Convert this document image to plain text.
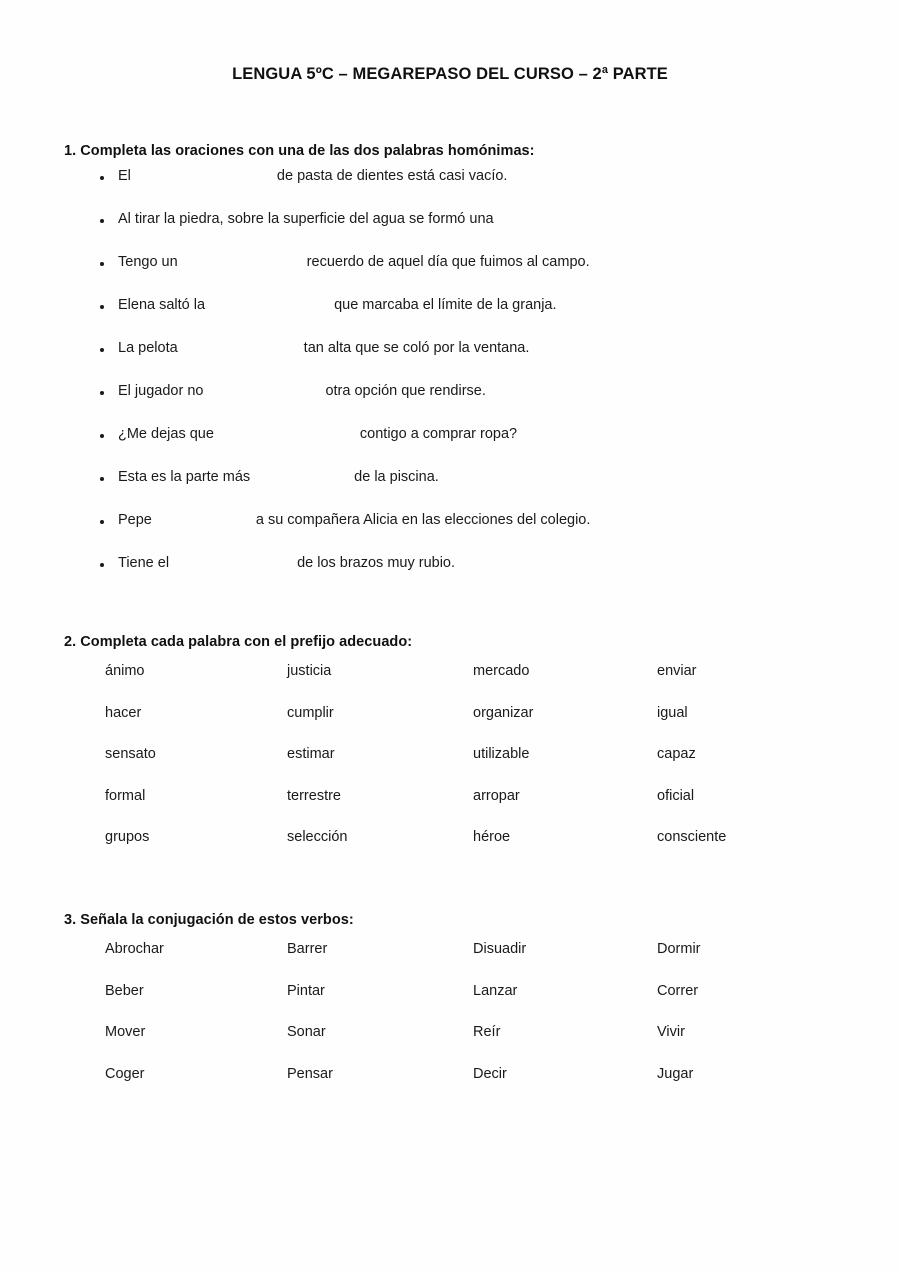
LENGUA 5ºC – MEGAREPASO DEL CURSO – 2ª PARTE
1. Completa las oraciones con una de las dos palabras homónimas:
El	de pasta de dientes está casi vacío.
Al tirar la piedra, sobre la superficie del agua se formó una
Tengo un	recuerdo de aquel día que fuimos al campo.
Elena saltó la	que marcaba el límite de la granja.
La pelota	tan alta que se coló por la ventana.
El jugador no	otra opción que rendirse.
¿Me dejas que	contigo a comprar ropa?
Esta es la parte más	de la piscina.
Pepe	a su compañera Alicia en las elecciones del colegio.
Tiene el	de los brazos muy rubio.
2. Completa cada palabra con el prefijo adecuado:
ánimo	justicia	mercado	enviar
hacer	cumplir	organizar	igual
sensato	estimar	utilizable	capaz
formal	terrestre	arropar	oficial
grupos	selección	héroe	consciente
3. Señala la conjugación de estos verbos:
Abrochar	Barrer	Disuadir	Dormir
Beber	Pintar	Lanzar	Correr
Mover	Sonar	Reír	Vivir
Coger	Pensar	Decir	Jugar
